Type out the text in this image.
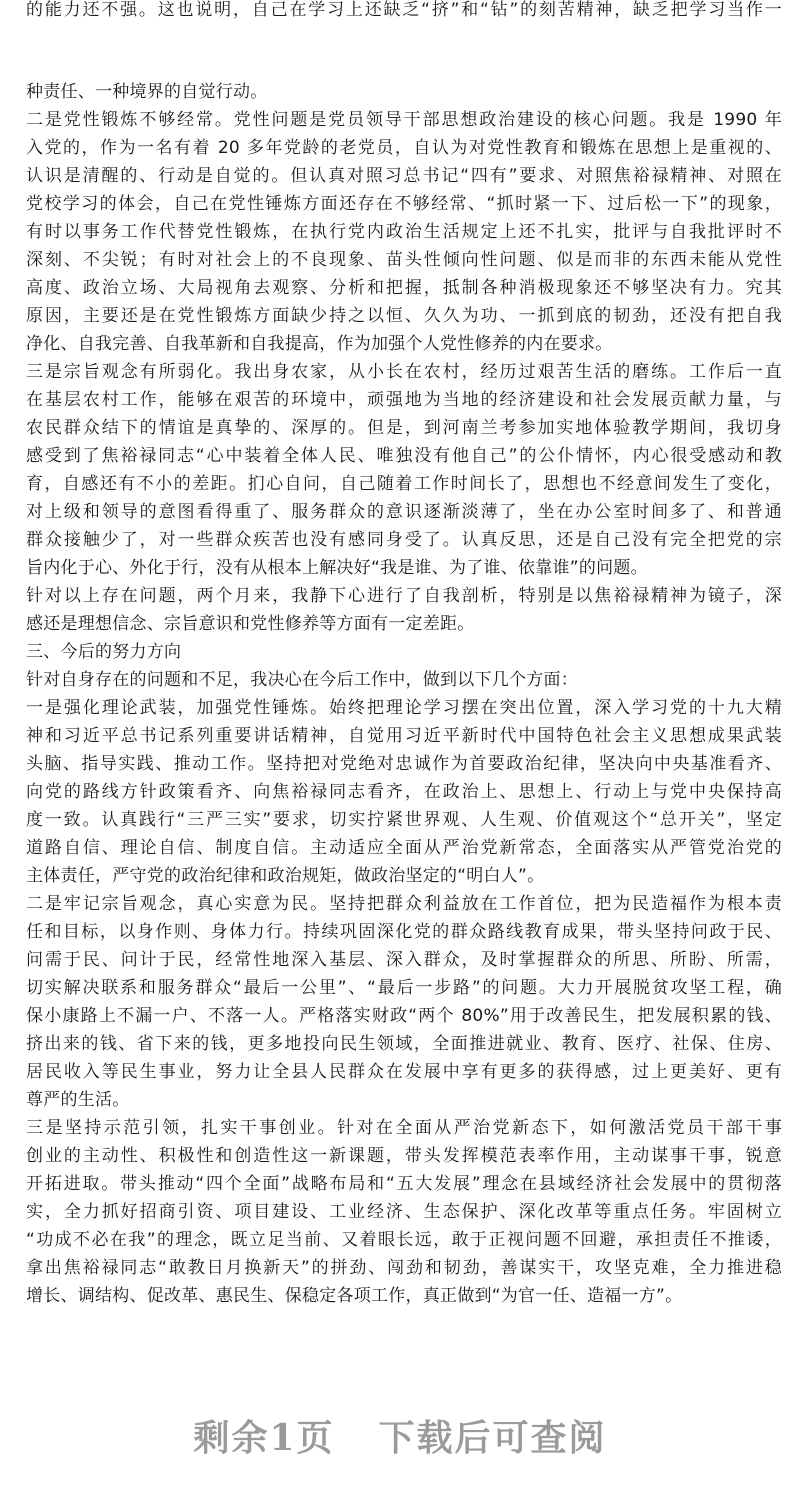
的能力还不强。这也说明，自己在学习上还缺乏“挤”和“钻”的刻苦精神，缺乏把学习当作一
种责任、一种境界的自觉行动。
二是党性锻炼不够经常。党性问题是党员领导干部思想政治建设的核心问题。我是 1990 年
入党的，作为一名有着 20 多年党龄的老党员，自认为对党性教育和锻炼在思想上是重视的、
认识是清醒的、行动是自觉的。但认真对照习总书记“四有”要求、对照焦裕禄精神、对照在
党校学习的体会，自己在党性锤炼方面还存在不够经常、“抓时紧一下、过后松一下”的现象，
有时以事务工作代替党性锻炼，在执行党内政治生活规定上还不扎实，批评与自我批评时不
深刻、不尖锐；有时对社会上的不良现象、苗头性倾向性问题、似是而非的东西未能从党性
高度、政治立场、大局视角去观察、分析和把握，抵制各种消极现象还不够坚决有力。究其
原因，主要还是在党性锻炼方面缺少持之以恒、久久为功、一抓到底的韧劲，还没有把自我
净化、自我完善、自我革新和自我提高，作为加强个人党性修养的内在要求。
三是宗旨观念有所弱化。我出身农家，从小长在农村，经历过艰苦生活的磨练。工作后一直
在基层农村工作，能够在艰苦的环境中，顽强地为当地的经济建设和社会发展贡献力量，与
农民群众结下的情谊是真挚的、深厚的。但是，到河南兰考参加实地体验教学期间，我切身
感受到了焦裕禄同志“心中装着全体人民、唯独没有他自己”的公仆情怀，内心很受感动和教
育，自感还有不小的差距。扪心自问，自己随着工作时间长了，思想也不经意间发生了变化，
对上级和领导的意图看得重了、服务群众的意识逐渐淡薄了，坐在办公室时间多了、和普通
群众接触少了，对一些群众疾苦也没有感同身受了。认真反思，还是自己没有完全把党的宗
旨内化于心、外化于行，没有从根本上解决好“我是谁、为了谁、依靠谁”的问题。
针对以上存在问题，两个月来，我静下心进行了自我剖析，特别是以焦裕禄精神为镜子，深
感还是理想信念、宗旨意识和党性修养等方面有一定差距。
三、今后的努力方向
针对自身存在的问题和不足，我决心在今后工作中，做到以下几个方面：
一是强化理论武装，加强党性锤炼。始终把理论学习摆在突出位置，深入学习党的十九大精
神和习近平总书记系列重要讲话精神，自觉用习近平新时代中国特色社会主义思想成果武装
头脑、指导实践、推动工作。坚持把对党绝对忠诚作为首要政治纪律，坚决向中央基准看齐、
向党的路线方针政策看齐、向焦裕禄同志看齐，在政治上、思想上、行动上与党中央保持高
度一致。认真践行“三严三实”要求，切实拧紧世界观、人生观、价值观这个“总开关”，坚定
道路自信、理论自信、制度自信。主动适应全面从严治党新常态，全面落实从严管党治党的
主体责任，严守党的政治纪律和政治规矩，做政治坚定的“明白人”。
二是牢记宗旨观念，真心实意为民。坚持把群众利益放在工作首位，把为民造福作为根本责
任和目标，以身作则、身体力行。持续巩固深化党的群众路线教育成果，带头坚持问政于民、
问需于民、问计于民，经常性地深入基层、深入群众，及时掌握群众的所思、所盼、所需，
切实解决联系和服务群众“最后一公里”、“最后一步路”的问题。大力开展脱贫攻坚工程，确
保小康路上不漏一户、不落一人。严格落实财政“两个 80%”用于改善民生，把发展积累的钱、
挤出来的钱、省下来的钱，更多地投向民生领域，全面推进就业、教育、医疗、社保、住房、
居民收入等民生事业，努力让全县人民群众在发展中享有更多的获得感，过上更美好、更有
尊严的生活。
三是坚持示范引领，扎实干事创业。针对在全面从严治党新态下，如何激活党员干部干事
创业的主动性、积极性和创造性这一新课题，带头发挥模范表率作用，主动谋事干事，锐意
开拓进取。带头推动“四个全面”战略布局和“五大发展”理念在县域经济社会发展中的贯彻落
实，全力抓好招商引资、项目建设、工业经济、生态保护、深化改革等重点任务。牢固树立
“功成不必在我”的理念，既立足当前、又着眼长远，敢于正视问题不回避，承担责任不推诿，
拿出焦裕禄同志“敢教日月换新天”的拼劲、闯劲和韧劲，善谋实干，攻坚克难，全力推进稳
增长、调结构、促改革、惠民生、保稳定各项工作，真正做到“为官一任、造福一方”。
剩余1页 下载后可查阅
